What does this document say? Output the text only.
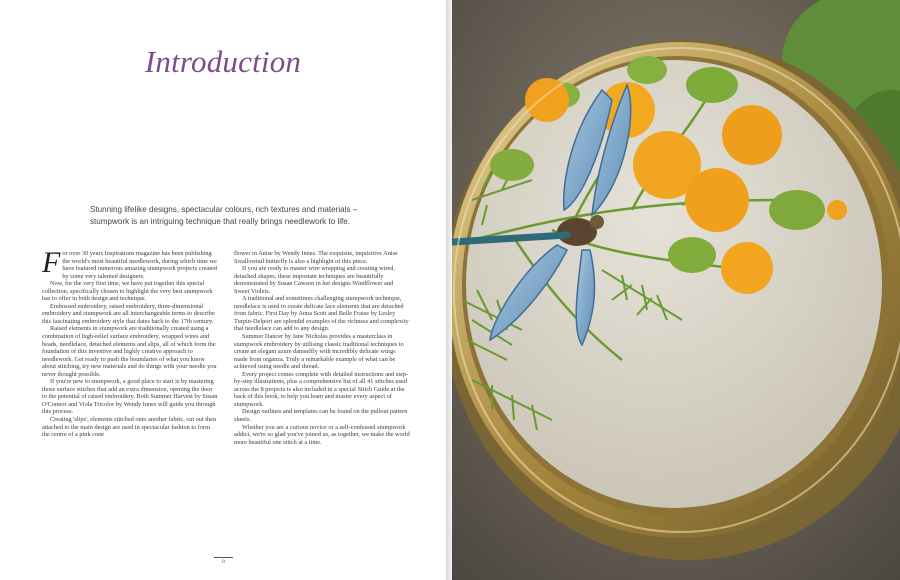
Introduction
Stunning lifelike designs, spectacular colours, rich textures and materials – stumpwork is an intriguing technique that really brings needlework to life.

For over 30 years Inspirations magazine has been publishing the world's most beautiful needlework, during which time we have featured numerous amazing stumpwork projects created by some very talented designers.

Now, for the very first time, we have put together this special collection, specifically chosen to highlight the very best stumpwork has to offer in both design and technique.

Embossed embroidery, raised embroidery, three-dimensional embroidery and stumpwork are all interchangeable terms to describe this fascinating embroidery style that dates back to the 17th century.

Raised elements in stumpwork are traditionally created using a combination of high-relief surface embroidery, wrapped wires and beads, needlelace, detached elements and slips, all of which form the foundation of this inventive and highly creative approach to needlework. Get ready to push the boundaries of what you know about stitching, try new materials and do things with your needle you never thought possible.

If you're new to stumpwork, a good place to start is by mastering those surface stitches that add an extra dimension, opening the door to the potential of raised embroidery. Both Summer Harvest by Susan O'Connor and Viola Tricolor by Wendy Innes will guide you through this process.

Creating 'slips', elements stitched onto another fabric, cut out then attached to the main design are used in spectacular fashion to form the centre of a pink cone

flower in Anise by Wendy Innes. The exquisite, inquisitive Anise Swallowtail butterfly is also a highlight of this piece.

If you are ready to master wire wrapping and creating wired, detached shapes, these important techniques are beautifully demonstrated by Susan Cawson in her designs Windflower and Sweet Violets.

A traditional and sometimes challenging stumpwork technique, needlelace is used to create delicate lace elements that are detached from fabric. First Day by Anna Scott and Belle Fraise by Lesley Turpin-Delport are splendid examples of the richness and complexity that needlelace can add to any design.

Summer Dancer by Jane Nicholas provides a masterclass in stumpwork embroidery by utilising classic traditional techniques to create an elegant azure damselfly with incredibly delicate wings made from organza. Truly a remarkable example of what can be achieved using needle and thread.

Every project comes complete with detailed instructions and step-by-step illustrations, plus a comprehensive list of all 41 stitches used across the 8 projects is also included in a special Stitch Guide at the back of this book, to help you learn and master every aspect of stumpwork.

Design outlines and templates can be found on the pullout pattern sheets.

Whether you are a curious novice or a self-confessed stumpwork addict, we're so glad you've joined us, as together, we make the world more beautiful one stitch at a time.

8
